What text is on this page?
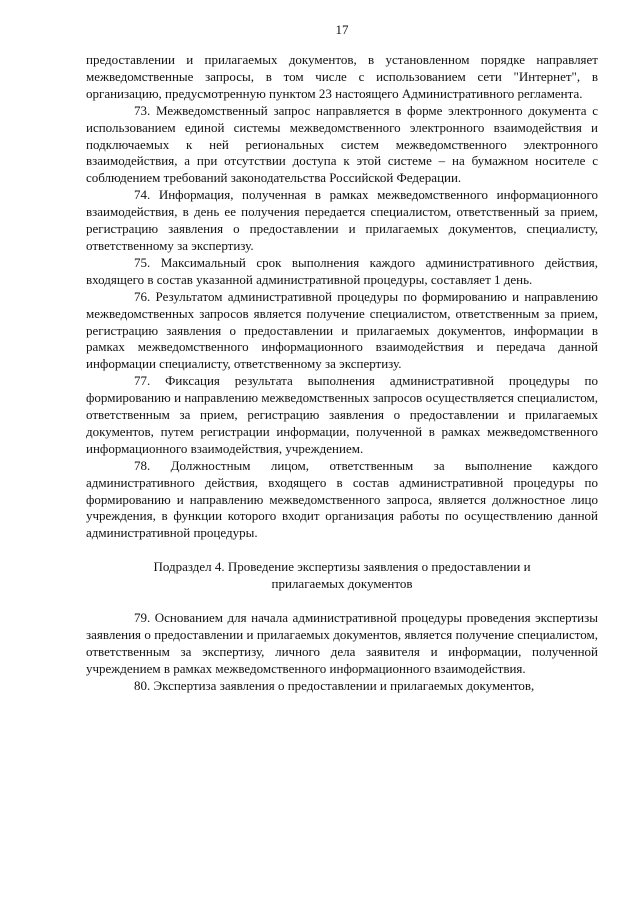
17

предоставлении и прилагаемых документов, в установленном порядке направляет межведомственные запросы, в том числе с использованием сети "Интернет", в организацию, предусмотренную пунктом 23 настоящего Административного регламента.

73. Межведомственный запрос направляется в форме электронного документа с использованием единой системы межведомственного электронного взаимодействия и подключаемых к ней региональных систем межведомственного электронного взаимодействия, а при отсутствии доступа к этой системе – на бумажном носителе с соблюдением требований законодательства Российской Федерации.

74. Информация, полученная в рамках межведомственного информационного взаимодействия, в день ее получения передается специалистом, ответственный за прием, регистрацию заявления о предоставлении и прилагаемых документов, специалисту, ответственному за экспертизу.

75. Максимальный срок выполнения каждого административного действия, входящего в состав указанной административной процедуры, составляет 1 день.

76. Результатом административной процедуры по формированию и направлению межведомственных запросов является получение специалистом, ответственным за прием, регистрацию заявления о предоставлении и прилагаемых документов, информации в рамках межведомственного информационного взаимодействия и передача данной информации специалисту, ответственному за экспертизу.

77. Фиксация результата выполнения административной процедуры по формированию и направлению межведомственных запросов осуществляется специалистом, ответственным за прием, регистрацию заявления о предоставлении и прилагаемых документов, путем регистрации информации, полученной в рамках межведомственного информационного взаимодействия, учреждением.

78. Должностным лицом, ответственным за выполнение каждого административного действия, входящего в состав административной процедуры по формированию и направлению межведомственного запроса, является должностное лицо учреждения, в функции которого входит организация работы по осуществлению данной административной процедуры.

Подраздел 4. Проведение экспертизы заявления о предоставлении и
прилагаемых документов

79. Основанием для начала административной процедуры проведения экспертизы заявления о предоставлении и прилагаемых документов, является получение специалистом, ответственным за экспертизу, личного дела заявителя и информации, полученной учреждением в рамках межведомственного информационного взаимодействия.

80. Экспертиза заявления о предоставлении и прилагаемых документов,
